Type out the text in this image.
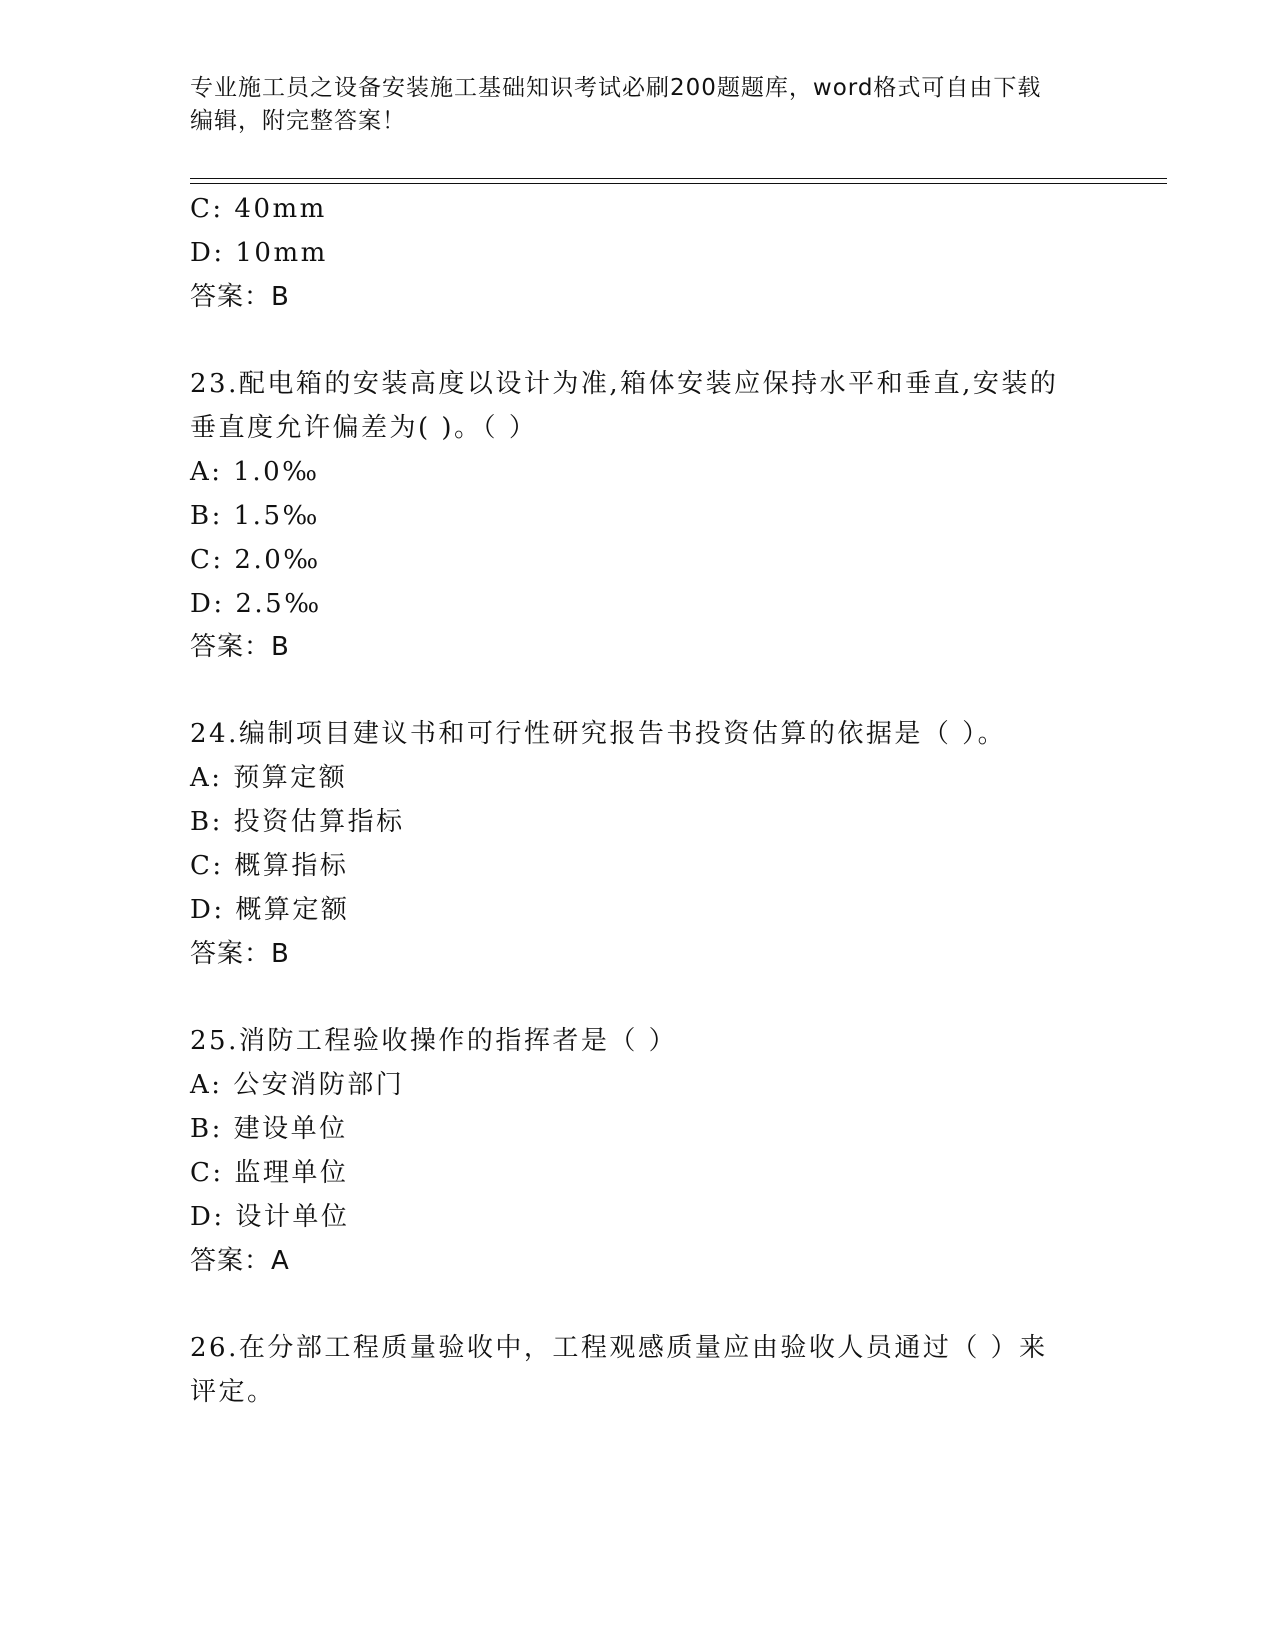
专业施工员之设备安装施工基础知识考试必刷200题题库，word格式可自由下载
编辑，附完整答案！
C: 40mm
D: 10mm
答案：B
23.配电箱的安装高度以设计为准,箱体安装应保持水平和垂直,安装的
垂直度允许偏差为( )。（ ）
A: 1.0‰
B: 1.5‰
C: 2.0‰
D: 2.5‰
答案：B
24.编制项目建议书和可行性研究报告书投资估算的依据是（ ）。
A: 预算定额
B: 投资估算指标
C: 概算指标
D: 概算定额
答案：B
25.消防工程验收操作的指挥者是（ ）
A: 公安消防部门
B: 建设单位
C: 监理单位
D: 设计单位
答案：A
26.在分部工程质量验收中，工程观感质量应由验收人员通过（ ）来
评定。
